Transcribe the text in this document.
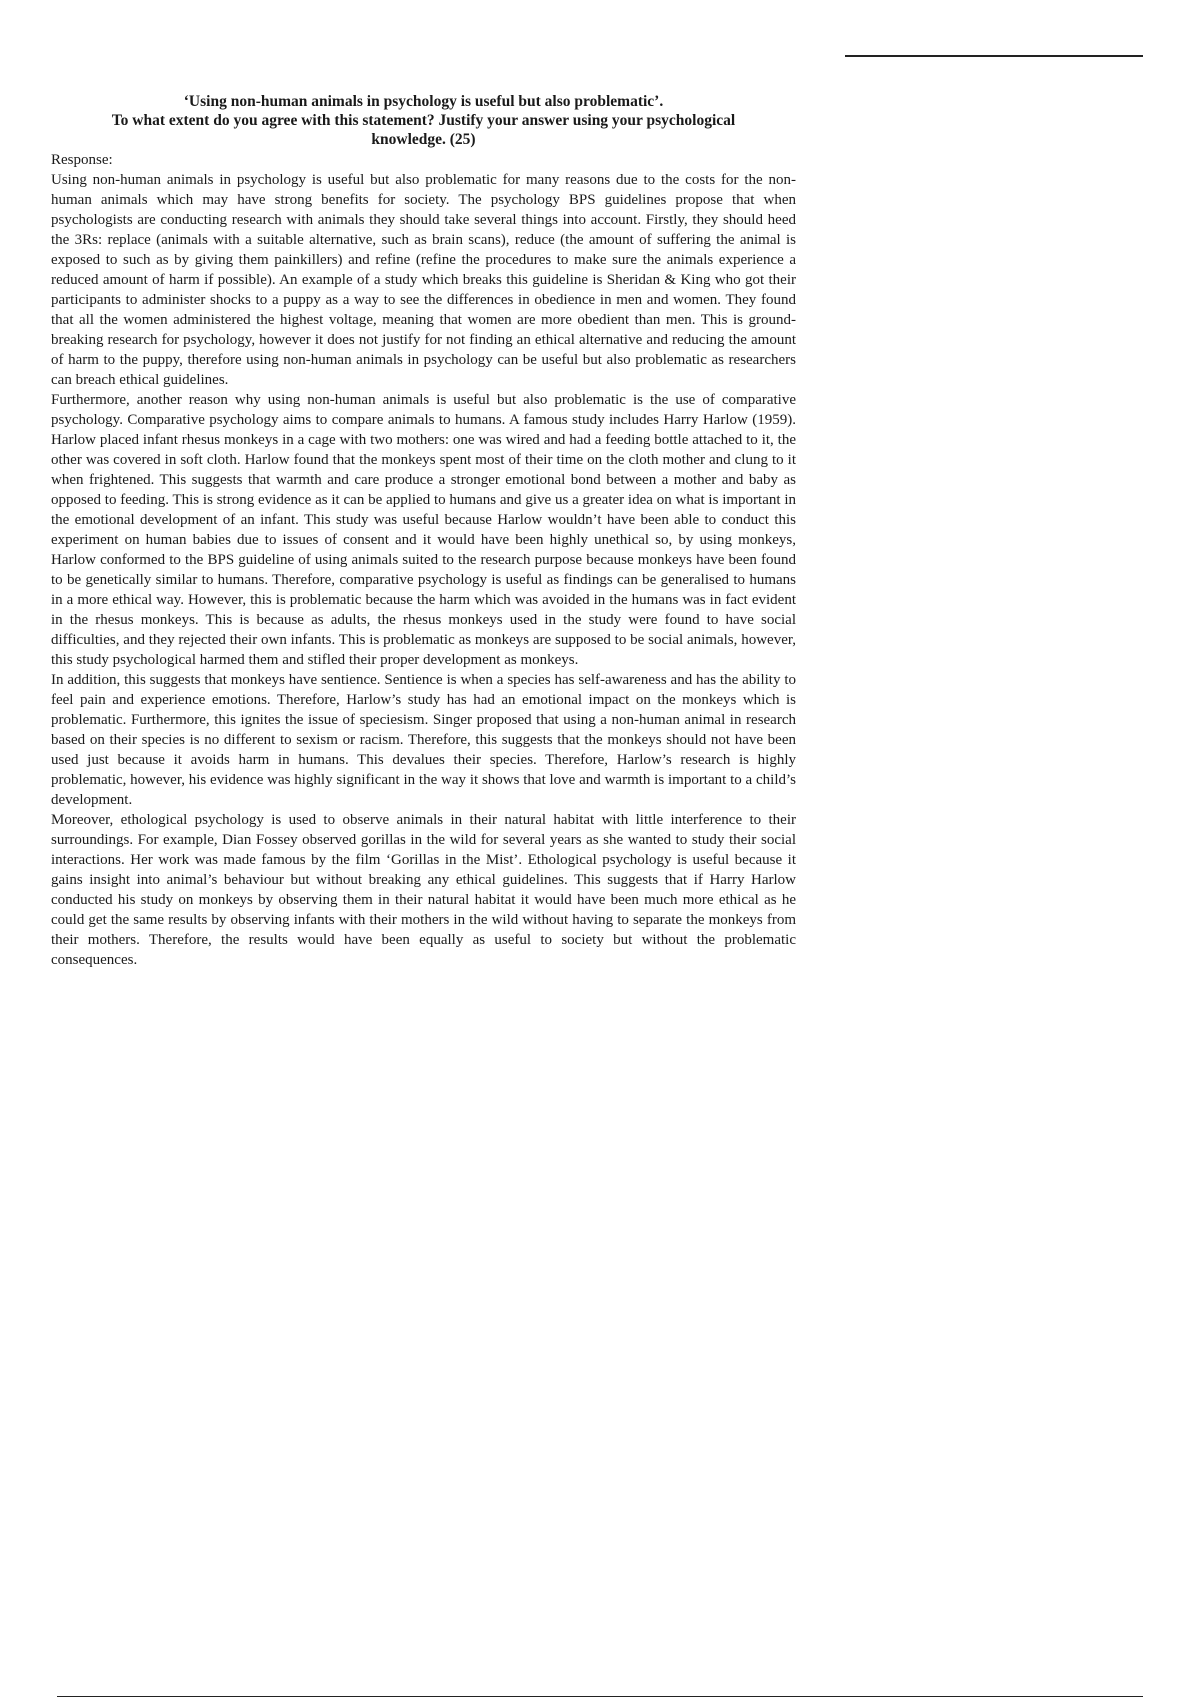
‘Using non-human animals in psychology is useful but also problematic’.
To what extent do you agree with this statement? Justify your answer using your psychological knowledge. (25)
Response:

Using non-human animals in psychology is useful but also problematic for many reasons due to the costs for the non-human animals which may have strong benefits for society. The psychology BPS guidelines propose that when psychologists are conducting research with animals they should take several things into account. Firstly, they should heed the 3Rs: replace (animals with a suitable alternative, such as brain scans), reduce (the amount of suffering the animal is exposed to such as by giving them painkillers) and refine (refine the procedures to make sure the animals experience a reduced amount of harm if possible). An example of a study which breaks this guideline is Sheridan & King who got their participants to administer shocks to a puppy as a way to see the differences in obedience in men and women. They found that all the women administered the highest voltage, meaning that women are more obedient than men. This is ground-breaking research for psychology, however it does not justify for not finding an ethical alternative and reducing the amount of harm to the puppy, therefore using non-human animals in psychology can be useful but also problematic as researchers can breach ethical guidelines.

Furthermore, another reason why using non-human animals is useful but also problematic is the use of comparative psychology. Comparative psychology aims to compare animals to humans. A famous study includes Harry Harlow (1959). Harlow placed infant rhesus monkeys in a cage with two mothers: one was wired and had a feeding bottle attached to it, the other was covered in soft cloth. Harlow found that the monkeys spent most of their time on the cloth mother and clung to it when frightened. This suggests that warmth and care produce a stronger emotional bond between a mother and baby as opposed to feeding. This is strong evidence as it can be applied to humans and give us a greater idea on what is important in the emotional development of an infant. This study was useful because Harlow wouldn’t have been able to conduct this experiment on human babies due to issues of consent and it would have been highly unethical so, by using monkeys, Harlow conformed to the BPS guideline of using animals suited to the research purpose because monkeys have been found to be genetically similar to humans. Therefore, comparative psychology is useful as findings can be generalised to humans in a more ethical way. However, this is problematic because the harm which was avoided in the humans was in fact evident in the rhesus monkeys. This is because as adults, the rhesus monkeys used in the study were found to have social difficulties, and they rejected their own infants. This is problematic as monkeys are supposed to be social animals, however, this study psychological harmed them and stifled their proper development as monkeys.

In addition, this suggests that monkeys have sentience. Sentience is when a species has self-awareness and has the ability to feel pain and experience emotions. Therefore, Harlow’s study has had an emotional impact on the monkeys which is problematic. Furthermore, this ignites the issue of speciesism. Singer proposed that using a non-human animal in research based on their species is no different to sexism or racism. Therefore, this suggests that the monkeys should not have been used just because it avoids harm in humans. This devalues their species. Therefore, Harlow’s research is highly problematic, however, his evidence was highly significant in the way it shows that love and warmth is important to a child’s development.

Moreover, ethological psychology is used to observe animals in their natural habitat with little interference to their surroundings. For example, Dian Fossey observed gorillas in the wild for several years as she wanted to study their social interactions. Her work was made famous by the film ‘Gorillas in the Mist’. Ethological psychology is useful because it gains insight into animal’s behaviour but without breaking any ethical guidelines. This suggests that if Harry Harlow conducted his study on monkeys by observing them in their natural habitat it would have been much more ethical as he could get the same results by observing infants with their mothers in the wild without having to separate the monkeys from their mothers. Therefore, the results would have been equally as useful to society but without the problematic consequences.
